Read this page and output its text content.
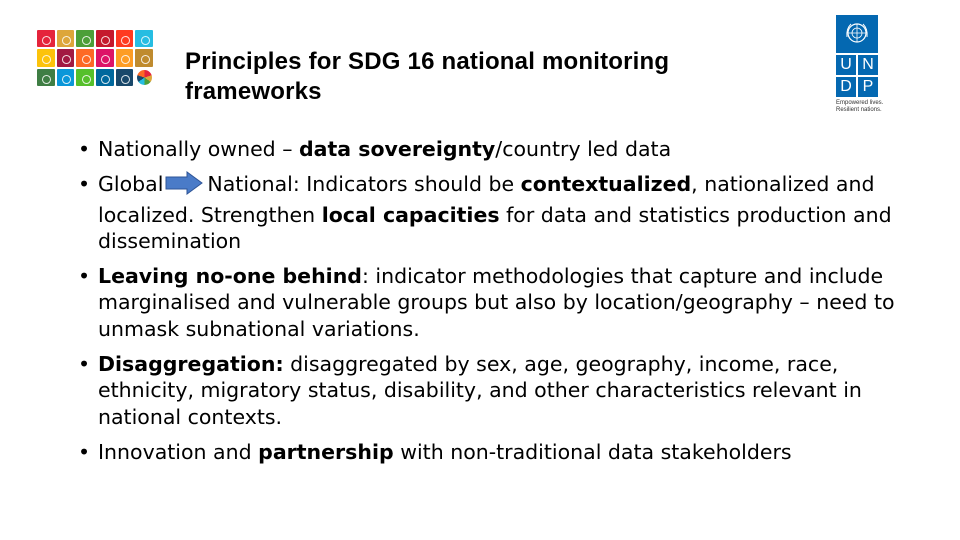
Principles for SDG 16 national monitoring
frameworks
U N
D P
Empowered lives.
Resilient nations.
• Nationally owned – data sovereignty/country led data
• Global National: Indicators should be contextualized, nationalized and localized. Strengthen local capacities for data and statistics production and dissemination
• Leaving no-one behind: indicator methodologies that capture and include marginalised and vulnerable groups but also by location/geography – need to unmask subnational variations.
• Disaggregation: disaggregated by sex, age, geography, income, race, ethnicity, migratory status, disability, and other characteristics relevant in national contexts.
• Innovation and partnership with non-traditional data stakeholders
